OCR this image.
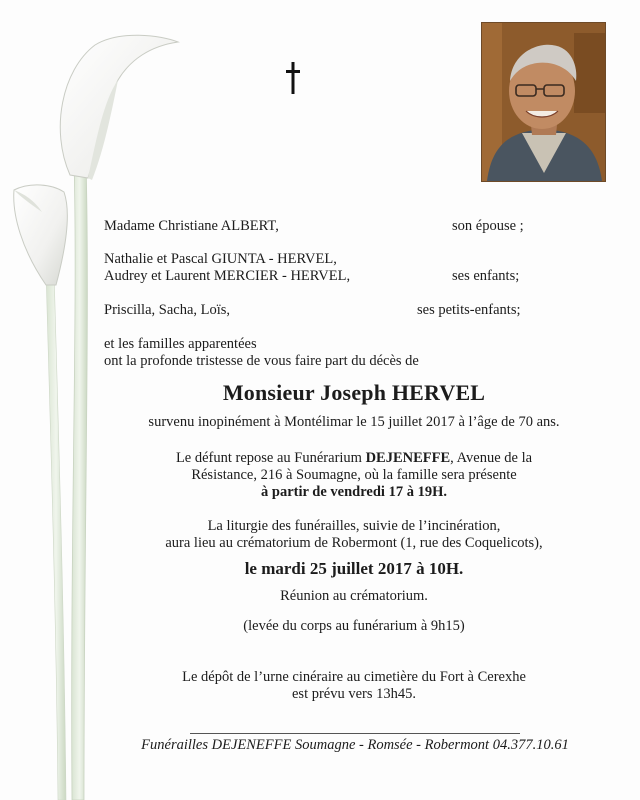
Madame Christiane ALBERT,	son épouse ;
Nathalie et Pascal GIUNTA - HERVEL,
Audrey et Laurent MERCIER - HERVEL,	ses enfants;
Priscilla, Sacha, Loïs,	ses petits-enfants;
et les familles apparentées
ont la profonde tristesse de vous faire part du décès de
Monsieur Joseph HERVEL
survenu inopinément à Montélimar le 15 juillet 2017 à l’âge de 70 ans.
Le défunt repose au Funérarium DEJENEFFE, Avenue de la
Résistance, 216 à Soumagne, où la famille sera présente
à partir de vendredi 17 à 19H.
La liturgie des funérailles, suivie de l’incinération,
aura lieu au crématorium de Robermont (1, rue des Coquelicots),
le mardi 25 juillet 2017 à 10H.
Réunion au crématorium.
(levée du corps au funérarium à 9h15)
Le dépôt de l’urne cinéraire au cimetière du Fort à Cerexhe
est prévu vers 13h45.
Funérailles DEJENEFFE Soumagne - Romsée - Robermont 04.377.10.61
